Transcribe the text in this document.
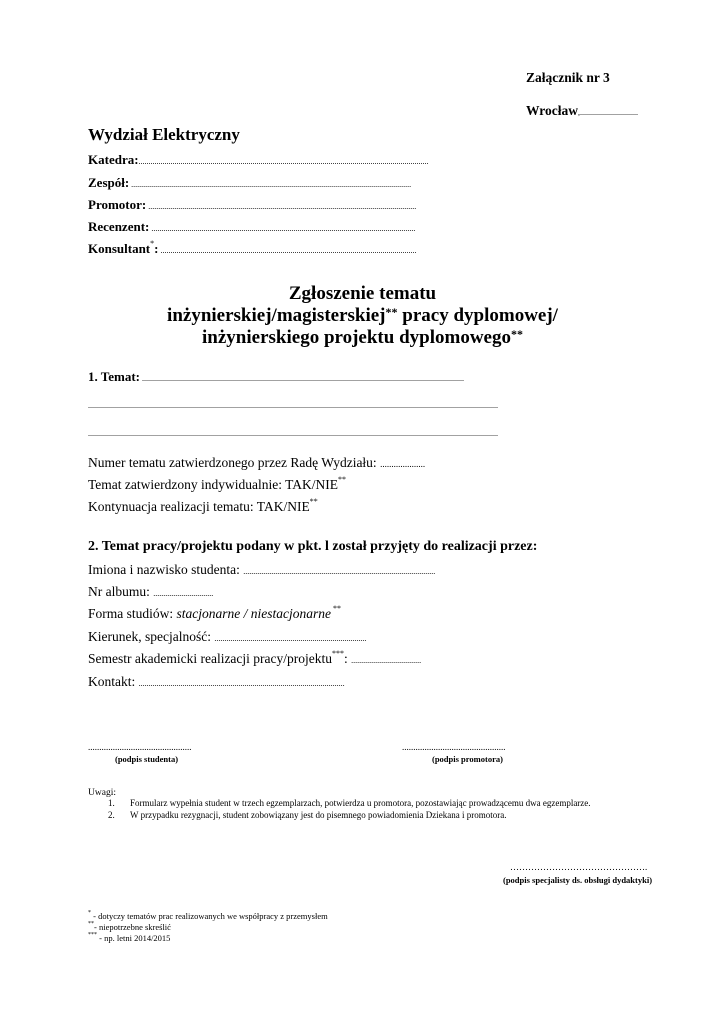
Załącznik nr 3
Wrocław,.............................
Wydział Elektryczny
Katedra:.................................................................................................................................................
Zespół: ............................................................................................................................................
Promotor: ......................................................................................................................................
Recenzent: ....................................................................................................................................
Konsultant*: ................................................................................................................................
Zgłoszenie tematu
inżynierskiej/magisterskiej** pracy dyplomowej/
inżynierskiego projektu dyplomowego**
1. Temat: .................................................................................................................................................................
.............................................................................................................................................................................................................
.............................................................................................................................................................................................................
Numer tematu zatwierdzonego przez Radę Wydziału: ....................
Temat zatwierdzony indywidualnie: TAK/NIE**
Kontynuacja realizacji tematu: TAK/NIE**
2. Temat pracy/projektu podany w pkt. l został przyjęty do realizacji przez:
Imiona i nazwisko studenta: ................................................................................................
Nr albumu: ..............................
Forma studiów: stacjonarne / niestacjonarne **
Kierunek, specjalność: ............................................................................
Semestr akademicki realizacji pracy/projektu***: ...................................
Kontakt: .......................................................................................................
..............................................
(podpis studenta)
..............................................
(podpis promotora)
Uwagi:
1. Formularz wypełnia student w trzech egzemplarzach, potwierdza u promotora, pozostawiając prowadzącemu dwa egzemplarze.
2. W przypadku rezygnacji, student zobowiązany jest do pisemnego powiadomienia Dziekana i promotora.
……………………………………….
(podpis specjalisty ds. obsługi dydaktyki)
* - dotyczy tematów prac realizowanych we współpracy z przemysłem
**- niepotrzebne skreślić
*** - np. letni 2014/2015
